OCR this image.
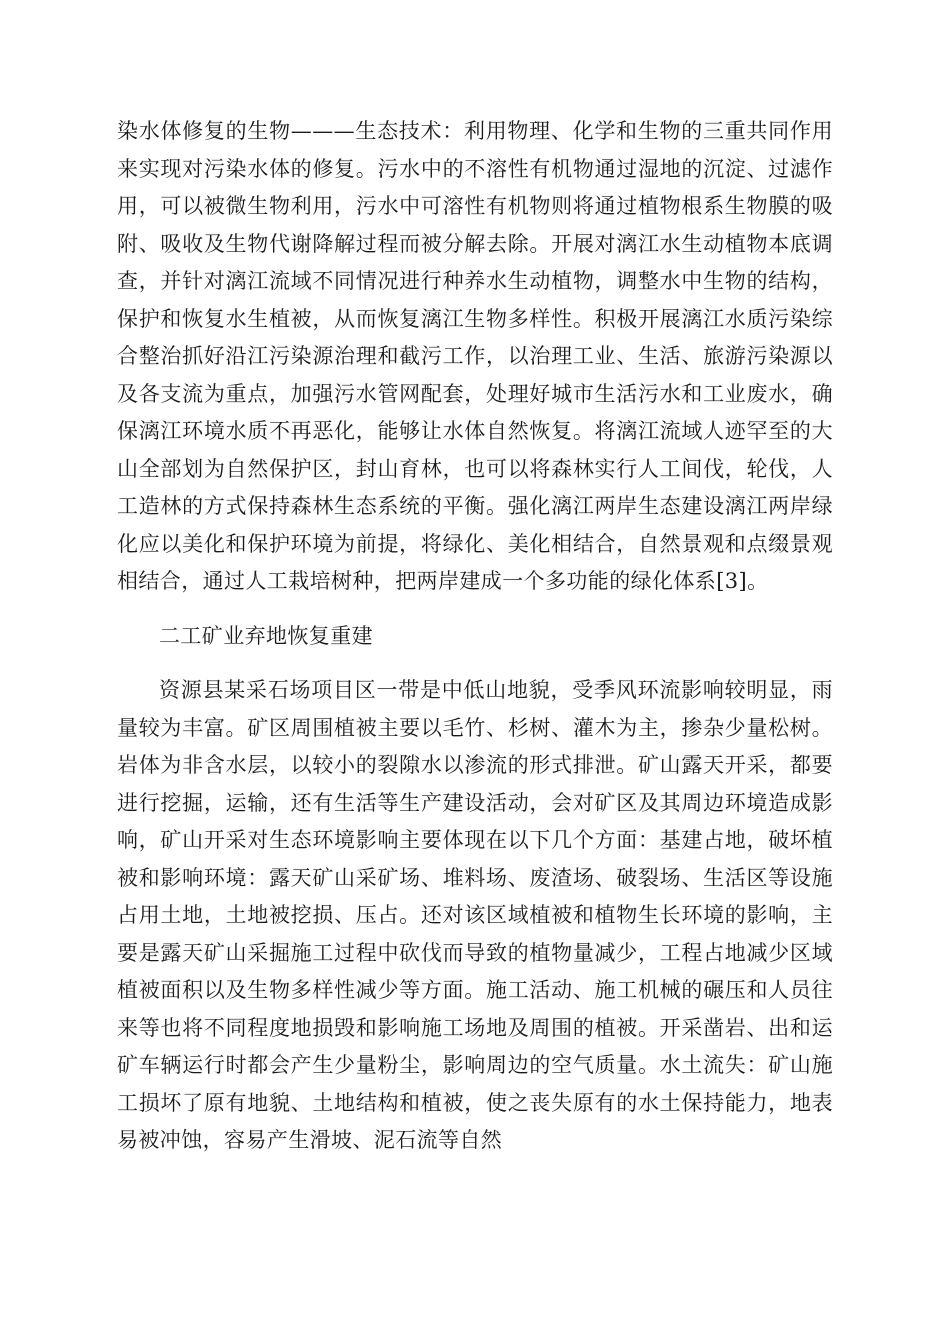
染水体修复的生物———生态技术：利用物理、化学和生物的三重共同作用来实现对污染水体的修复。污水中的不溶性有机物通过湿地的沉淀、过滤作用，可以被微生物利用，污水中可溶性有机物则将通过植物根系生物膜的吸附、吸收及生物代谢降解过程而被分解去除。开展对漓江水生动植物本底调查，并针对漓江流域不同情况进行种养水生动植物，调整水中生物的结构，保护和恢复水生植被，从而恢复漓江生物多样性。积极开展漓江水质污染综合整治抓好沿江污染源治理和截污工作，以治理工业、生活、旅游污染源以及各支流为重点，加强污水管网配套，处理好城市生活污水和工业废水，确保漓江环境水质不再恶化，能够让水体自然恢复。将漓江流域人迹罕至的大山全部划为自然保护区，封山育林，也可以将森林实行人工间伐，轮伐，人工造林的方式保持森林生态系统的平衡。强化漓江两岸生态建设漓江两岸绿化应以美化和保护环境为前提，将绿化、美化相结合，自然景观和点缀景观相结合，通过人工栽培树种，把两岸建成一个多功能的绿化体系[3]。

二工矿业弃地恢复重建

资源县某采石场项目区一带是中低山地貌，受季风环流影响较明显，雨量较为丰富。矿区周围植被主要以毛竹、杉树、灌木为主，掺杂少量松树。岩体为非含水层，以较小的裂隙水以渗流的形式排泄。矿山露天开采，都要进行挖掘，运输，还有生活等生产建设活动，会对矿区及其周边环境造成影响，矿山开采对生态环境影响主要体现在以下几个方面：基建占地，破坏植被和影响环境：露天矿山采矿场、堆料场、废渣场、破裂场、生活区等设施占用土地，土地被挖损、压占。还对该区域植被和植物生长环境的影响，主要是露天矿山采掘施工过程中砍伐而导致的植物量减少，工程占地减少区域植被面积以及生物多样性减少等方面。施工活动、施工机械的碾压和人员往来等也将不同程度地损毁和影响施工场地及周围的植被。开采凿岩、出和运矿车辆运行时都会产生少量粉尘，影响周边的空气质量。水土流失：矿山施工损坏了原有地貌、土地结构和植被，使之丧失原有的水土保持能力，地表易被冲蚀，容易产生滑坡、泥石流等自然
